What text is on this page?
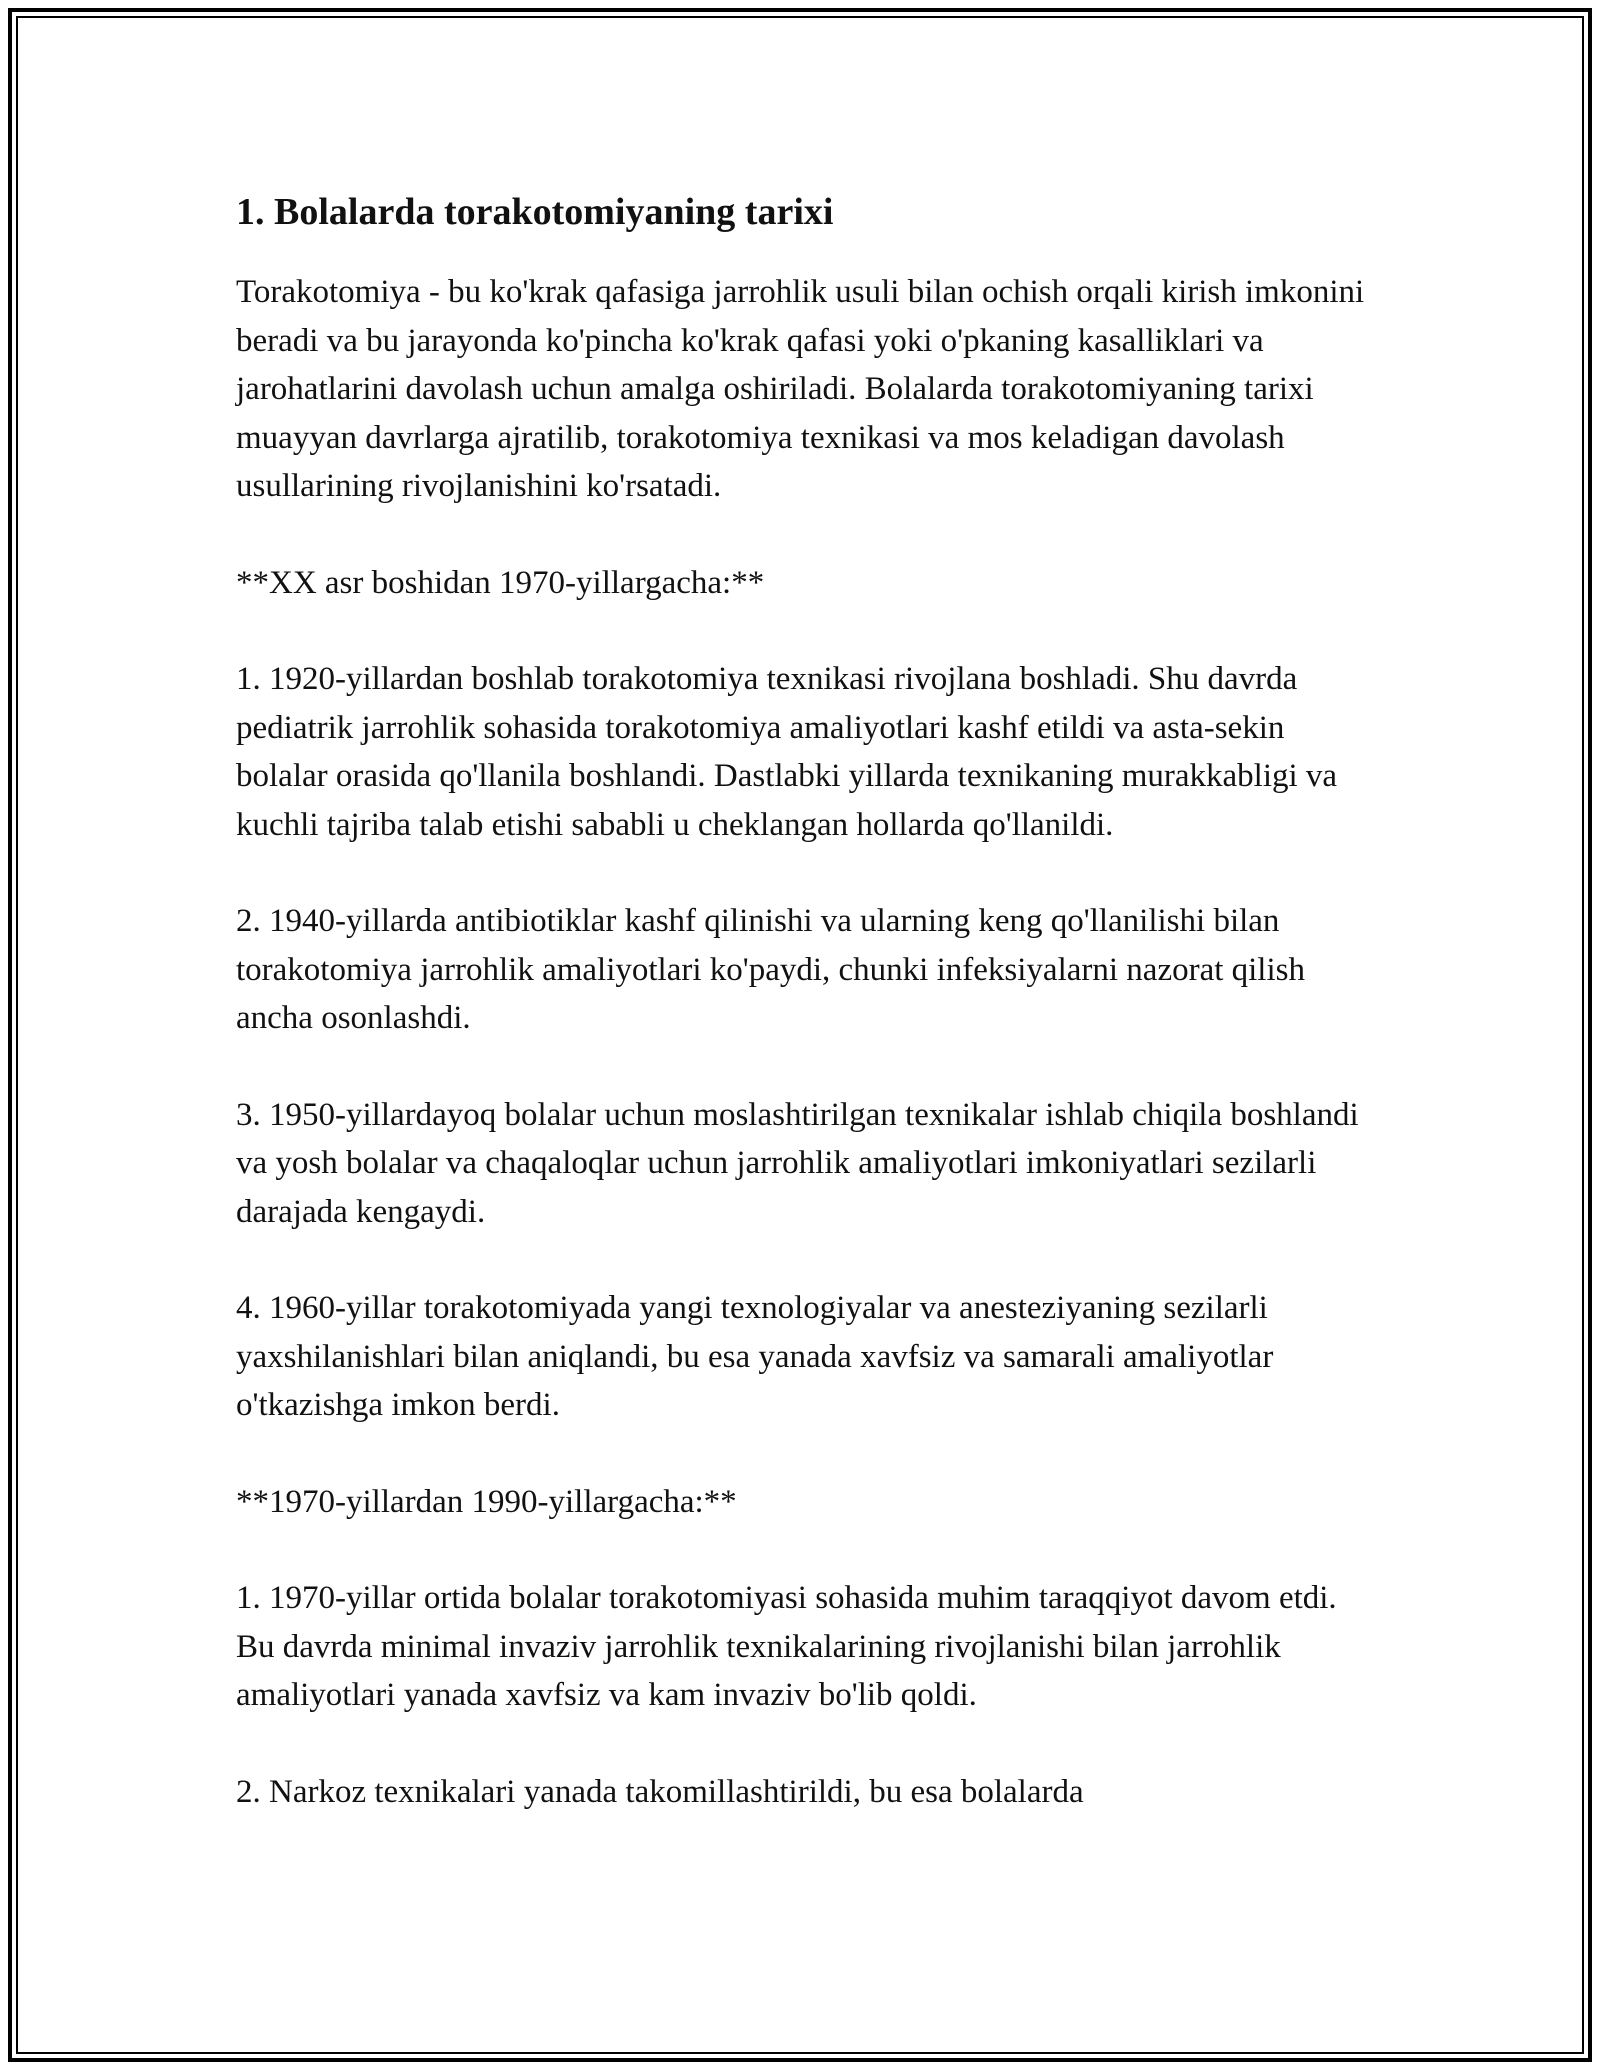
1. Bolalarda torakotomiyaning tarixi

Torakotomiya - bu ko'krak qafasiga jarrohlik usuli bilan ochish orqali kirish imkonini beradi va bu jarayonda ko'pincha ko'krak qafasi yoki o'pkaning kasalliklari va jarohatlarini davolash uchun amalga oshiriladi. Bolalarda torakotomiyaning tarixi muayyan davrlarga ajratilib, torakotomiya texnikasi va mos keladigan davolash usullarining rivojlanishini ko'rsatadi.

**XX asr boshidan 1970-yillargacha:**

1. 1920-yillardan boshlab torakotomiya texnikasi rivojlana boshladi. Shu davrda pediatrik jarrohlik sohasida torakotomiya amaliyotlari kashf etildi va asta-sekin bolalar orasida qo'llanila boshlandi. Dastlabki yillarda texnikaning murakkabligi va kuchli tajriba talab etishi sababli u cheklangan hollarda qo'llanildi.

2. 1940-yillarda antibiotiklar kashf qilinishi va ularning keng qo'llanilishi bilan torakotomiya jarrohlik amaliyotlari ko'paydi, chunki infeksiyalarni nazorat qilish ancha osonlashdi.

3. 1950-yillardayoq bolalar uchun moslashtirilgan texnikalar ishlab chiqila boshlandi va yosh bolalar va chaqaloqlar uchun jarrohlik amaliyotlari imkoniyatlari sezilarli darajada kengaydi.

4. 1960-yillar torakotomiyada yangi texnologiyalar va anesteziyaning sezilarli yaxshilanishlari bilan aniqlandi, bu esa yanada xavfsiz va samarali amaliyotlar o'tkazishga imkon berdi.

**1970-yillardan 1990-yillargacha:**

1. 1970-yillar ortida bolalar torakotomiyasi sohasida muhim taraqqiyot davom etdi. Bu davrda minimal invaziv jarrohlik texnikalarining rivojlanishi bilan jarrohlik amaliyotlari yanada xavfsiz va kam invaziv bo'lib qoldi.

2. Narkoz texnikalari yanada takomillashtirildi, bu esa bolalarda
